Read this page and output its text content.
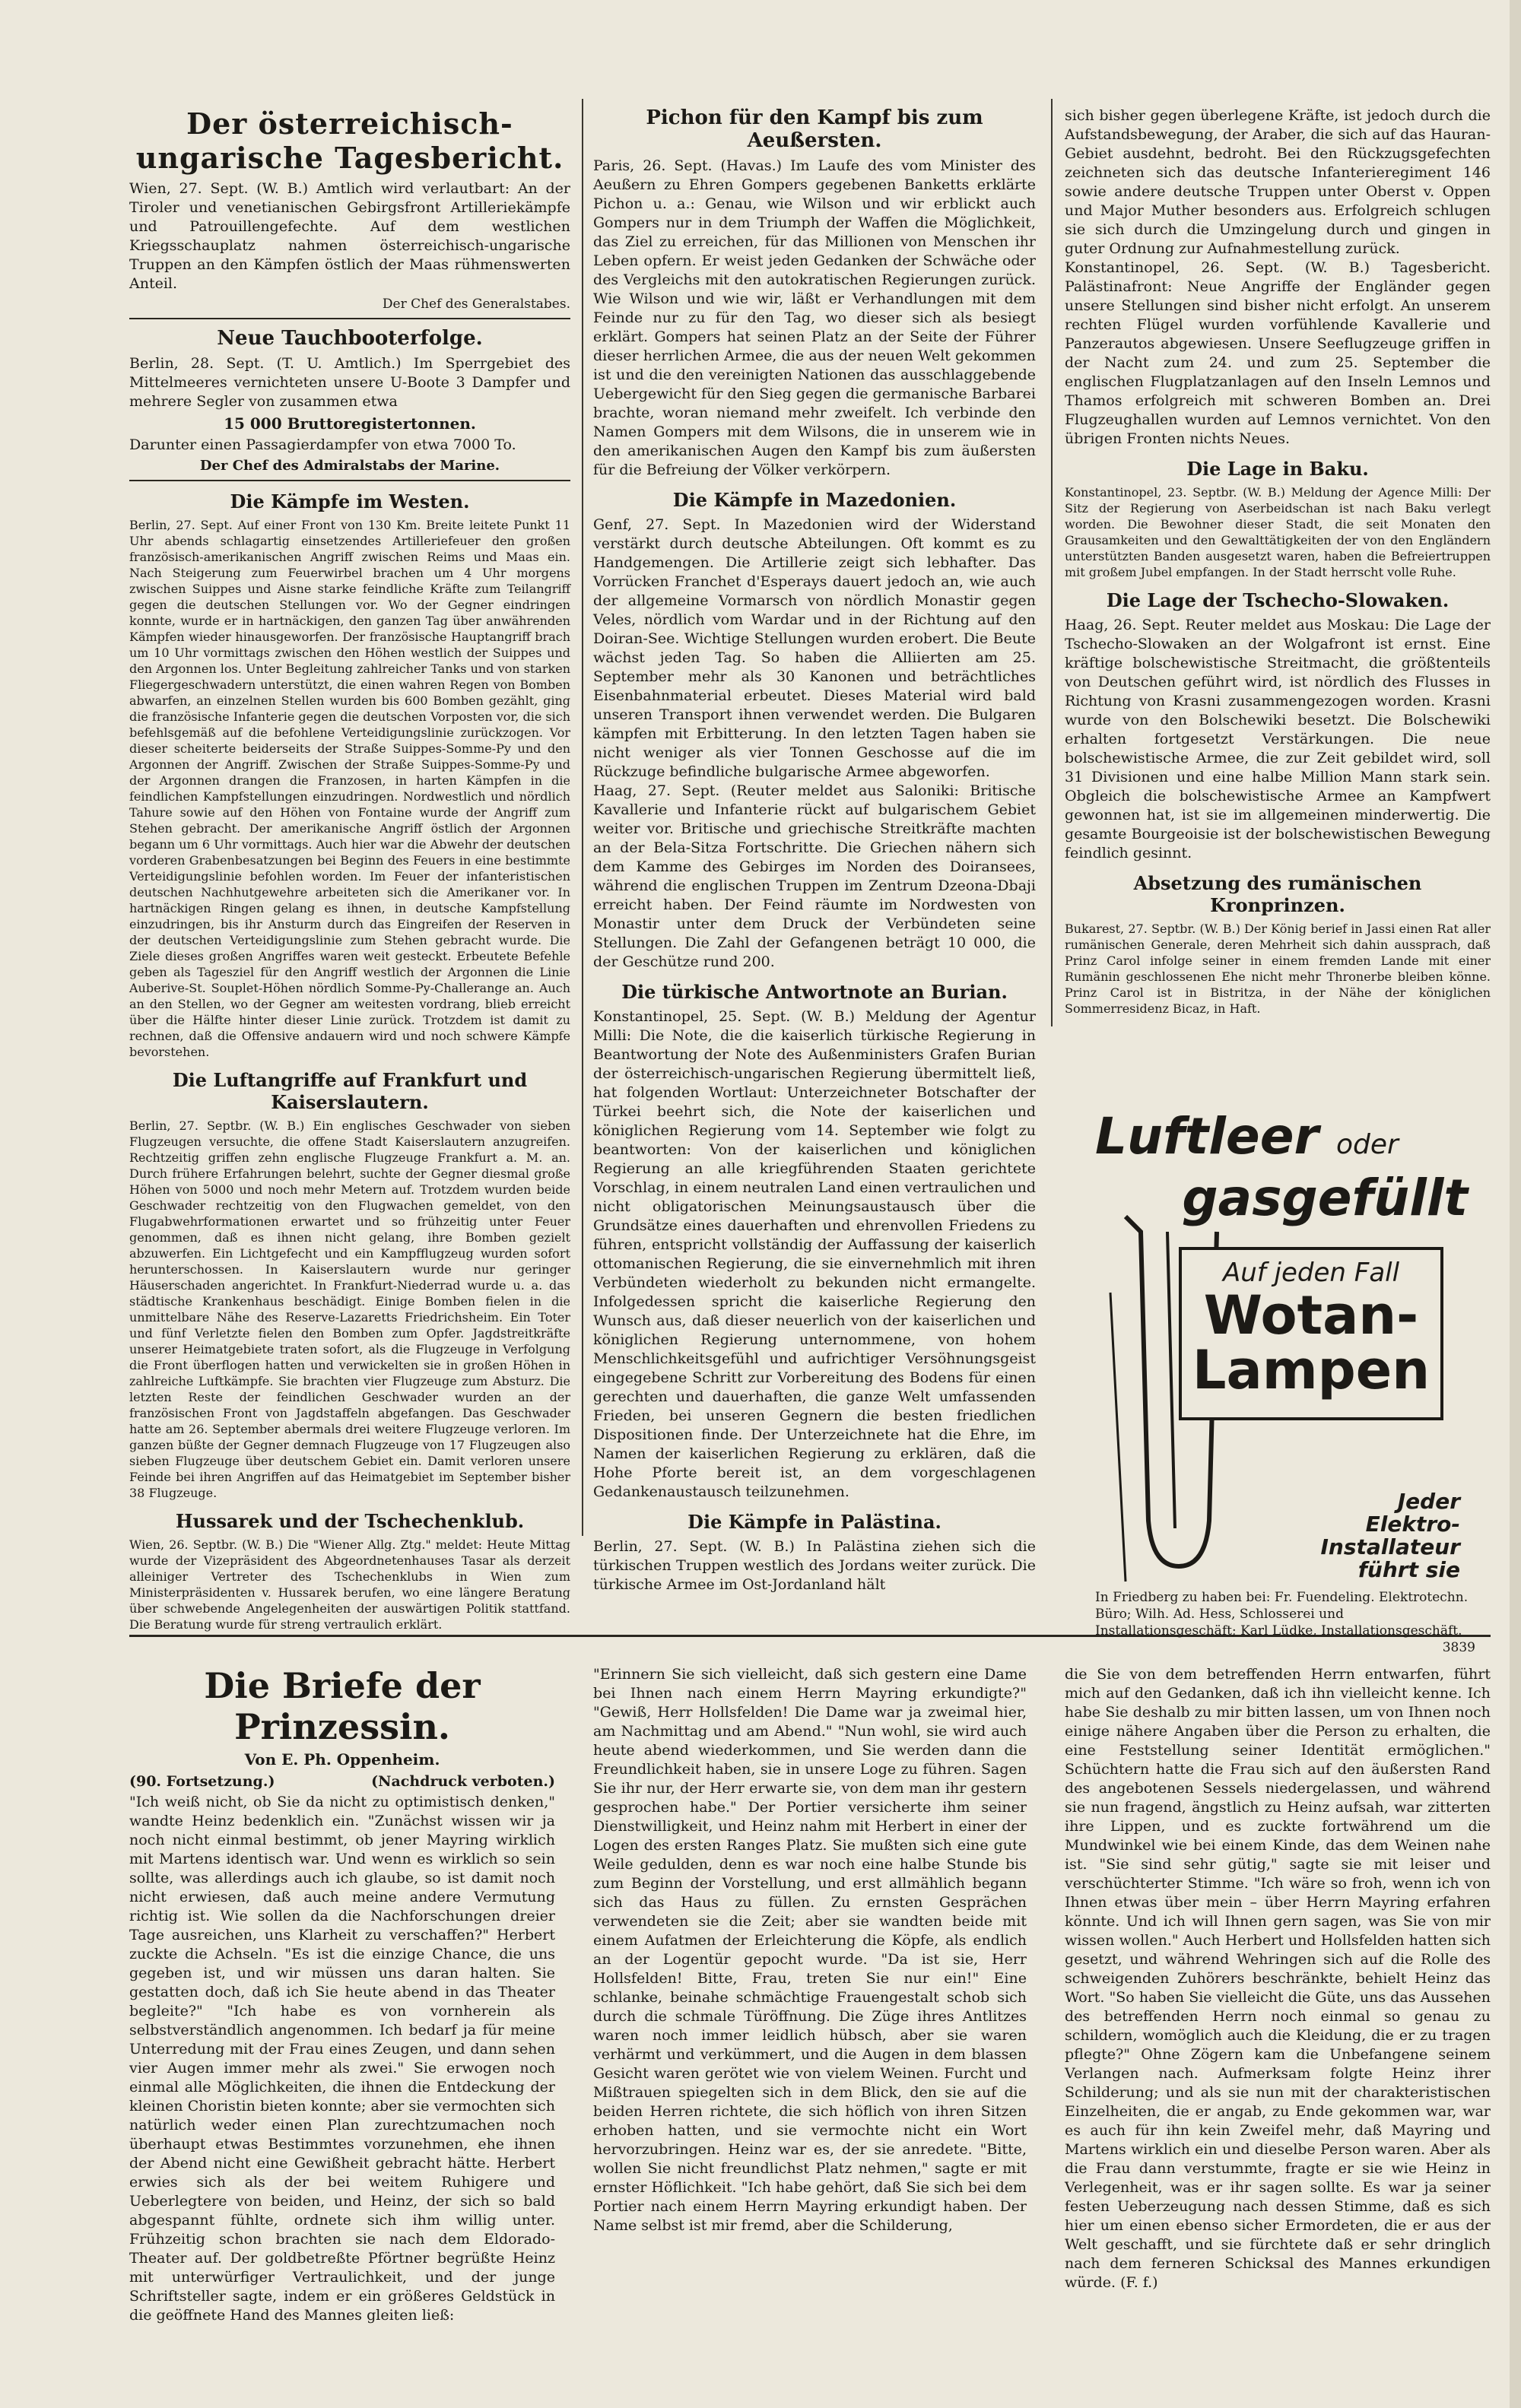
Der österreichisch-ungarische Tagesbericht.

Wien, 27. Sept. (W. B.) Amtlich wird verlautbart: An der Tiroler und venetianischen Gebirgsfront Artilleriekämpfe und Patrouillengefechte. Auf dem westlichen Kriegsschauplatz nahmen österreichisch-ungarische Truppen an den Kämpfen östlich der Maas rühmenswerten Anteil.

Der Chef des Generalstabes.
Neue Tauchbooterfolge.

Berlin, 28. Sept. (T. U. Amtlich.) Im Sperrgebiet des Mittelmeeres vernichteten unsere U-Boote 3 Dampfer und mehrere Segler von zusammen etwa

15 000 Bruttoregistertonnen.

Darunter einen Passagierdampfer von etwa 7000 To.

Der Chef des Admiralstabs der Marine.
Die Kämpfe im Westen.

Berlin, 27. Sept. Auf einer Front von 130 Km. Breite leitete Punkt 11 Uhr abends schlagartig einsetzendes Artilleriefeuer den großen französisch-amerikanischen Angriff zwischen Reims und Maas ein. Nach Steigerung zum Feuerwirbel brachen um 4 Uhr morgens zwischen Suippes und Aisne starke feindliche Kräfte zum Teilangriff gegen die deutschen Stellungen vor. Wo der Gegner eindringen konnte, wurde er in hartnäckigen, den ganzen Tag über anwährenden Kämpfen wieder hinausgeworfen. Der französische Hauptangriff brach um 10 Uhr vormittags zwischen den Höhen westlich der Suippes und den Argonnen los. Unter Begleitung zahlreicher Tanks und von starken Fliegergeschwadern unterstützt, die einen wahren Regen von Bomben abwarfen, an einzelnen Stellen wurden bis 600 Bomben gezählt, ging die französische Infanterie gegen die deutschen Vorposten vor, die sich befehlsgemäß auf die befohlene Verteidigungslinie zurückzogen. Vor dieser scheiterte beiderseits der Straße Suippes-Somme-Py und den Argonnen der Angriff. Zwischen der Straße Suippes-Somme-Py und der Argonnen drangen die Franzosen, in harten Kämpfen in die feindlichen Kampfstellungen einzudringen. Nordwestlich und nördlich Tahure sowie auf den Höhen von Fontaine wurde der Angriff zum Stehen gebracht. Der amerikanische Angriff östlich der Argonnen begann um 6 Uhr vormittags. Auch hier war die Abwehr der deutschen vorderen Grabenbesatzungen bei Beginn des Feuers in eine bestimmte Verteidigungslinie befohlen worden. Im Feuer der infanteristischen deutschen Nachhutgewehre arbeiteten sich die Amerikaner vor. In hartnäckigen Ringen gelang es ihnen, in deutsche Kampfstellung einzudringen, bis ihr Ansturm durch das Eingreifen der Reserven in der deutschen Verteidigungslinie zum Stehen gebracht wurde. Die Ziele dieses großen Angriffes waren weit gesteckt. Erbeutete Befehle geben als Tagesziel für den Angriff westlich der Argonnen die Linie Auberive-St. Souplet-Höhen nördlich Somme-Py-Challerange an. Auch an den Stellen, wo der Gegner am weitesten vordrang, blieb erreicht über die Hälfte hinter dieser Linie zurück. Trotzdem ist damit zu rechnen, daß die Offensive andauern wird und noch schwere Kämpfe bevorstehen.

Die Luftangriffe auf Frankfurt und Kaiserslautern.

Berlin, 27. Septbr. (W. B.) Ein englisches Geschwader von sieben Flugzeugen versuchte, die offene Stadt Kaiserslautern anzugreifen. Rechtzeitig griffen zehn englische Flugzeuge Frankfurt a. M. an. Durch frühere Erfahrungen belehrt, suchte der Gegner diesmal große Höhen von 5000 und noch mehr Metern auf. Trotzdem wurden beide Geschwader rechtzeitig von den Flugwachen gemeldet, von den Flugabwehrformationen erwartet und so frühzeitig unter Feuer genommen, daß es ihnen nicht gelang, ihre Bomben gezielt abzuwerfen. Ein Lichtgefecht und ein Kampfflugzeug wurden sofort herunterschossen. In Kaiserslautern wurde nur geringer Häuserschaden angerichtet. In Frankfurt-Niederrad wurde u. a. das städtische Krankenhaus beschädigt. Einige Bomben fielen in die unmittelbare Nähe des Reserve-Lazaretts Friedrichsheim. Ein Toter und fünf Verletzte fielen den Bomben zum Opfer. Jagdstreitkräfte unserer Heimatgebiete traten sofort, als die Flugzeuge in Verfolgung die Front überflogen hatten und verwickelten sie in großen Höhen in zahlreiche Luftkämpfe. Sie brachten vier Flugzeuge zum Absturz. Die letzten Reste der feindlichen Geschwader wurden an der französischen Front von Jagdstaffeln abgefangen. Das Geschwader hatte am 26. September abermals drei weitere Flugzeuge verloren. Im ganzen büßte der Gegner demnach Flugzeuge von 17 Flugzeugen also sieben Flugzeuge über deutschem Gebiet ein. Damit verloren unsere Feinde bei ihren Angriffen auf das Heimatgebiet im September bisher 38 Flugzeuge.

Hussarek und der Tschechenklub.

Wien, 26. Septbr. (W. B.) Die "Wiener Allg. Ztg." meldet: Heute Mittag wurde der Vizepräsident des Abgeordnetenhauses Tasar als derzeit alleiniger Vertreter des Tschechenklubs in Wien zum Ministerpräsidenten v. Hussarek berufen, wo eine längere Beratung über schwebende Angelegenheiten der auswärtigen Politik stattfand. Die Beratung wurde für streng vertraulich erklärt.

Pichon für den Kampf bis zum Aeußersten.

Paris, 26. Sept. (Havas.) Im Laufe des vom Minister des Aeußern zu Ehren Gompers gegebenen Banketts erklärte Pichon u. a.: Genau, wie Wilson und wir erblickt auch Gompers nur in dem Triumph der Waffen die Möglichkeit, das Ziel zu erreichen, für das Millionen von Menschen ihr Leben opfern. Er weist jeden Gedanken der Schwäche oder des Vergleichs mit den autokratischen Regierungen zurück. Wie Wilson und wie wir, läßt er Verhandlungen mit dem Feinde nur zu für den Tag, wo dieser sich als besiegt erklärt. Gompers hat seinen Platz an der Seite der Führer dieser herrlichen Armee, die aus der neuen Welt gekommen ist und die den vereinigten Nationen das ausschlaggebende Uebergewicht für den Sieg gegen die germanische Barbarei brachte, woran niemand mehr zweifelt. Ich verbinde den Namen Gompers mit dem Wilsons, die in unserem wie in den amerikanischen Augen den Kampf bis zum äußersten für die Befreiung der Völker verkörpern.

Die Kämpfe in Mazedonien.

Genf, 27. Sept. In Mazedonien wird der Widerstand verstärkt durch deutsche Abteilungen. Oft kommt es zu Handgemengen. Die Artillerie zeigt sich lebhafter. Das Vorrücken Franchet d'Esperays dauert jedoch an, wie auch der allgemeine Vormarsch von nördlich Monastir gegen Veles, nördlich vom Wardar und in der Richtung auf den Doiran-See. Wichtige Stellungen wurden erobert. Die Beute wächst jeden Tag. So haben die Alliierten am 25. September mehr als 30 Kanonen und beträchtliches Eisenbahnmaterial erbeutet. Dieses Material wird bald unseren Transport ihnen verwendet werden. Die Bulgaren kämpfen mit Erbitterung. In den letzten Tagen haben sie nicht weniger als vier Tonnen Geschosse auf die im Rückzuge befindliche bulgarische Armee abgeworfen.

Haag, 27. Sept. (Reuter meldet aus Saloniki: Britische Kavallerie und Infanterie rückt auf bulgarischem Gebiet weiter vor. Britische und griechische Streitkräfte machten an der Bela-Sitza Fortschritte. Die Griechen nähern sich dem Kamme des Gebirges im Norden des Doiransees, während die englischen Truppen im Zentrum Dzeona-Dbaji erreicht haben. Der Feind räumte im Nordwesten von Monastir unter dem Druck der Verbündeten seine Stellungen. Die Zahl der Gefangenen beträgt 10 000, die der Geschütze rund 200.

Die türkische Antwortnote an Burian.

Konstantinopel, 25. Sept. (W. B.) Meldung der Agentur Milli: Die Note, die die kaiserlich türkische Regierung in Beantwortung der Note des Außenministers Grafen Burian der österreichisch-ungarischen Regierung übermittelt ließ, hat folgenden Wortlaut: Unterzeichneter Botschafter der Türkei beehrt sich, die Note der kaiserlichen und königlichen Regierung vom 14. September wie folgt zu beantworten: Von der kaiserlichen und königlichen Regierung an alle kriegführenden Staaten gerichtete Vorschlag, in einem neutralen Land einen vertraulichen und nicht obligatorischen Meinungsaustausch über die Grundsätze eines dauerhaften und ehrenvollen Friedens zu führen, entspricht vollständig der Auffassung der kaiserlich ottomanischen Regierung, die sie einvernehmlich mit ihren Verbündeten wiederholt zu bekunden nicht ermangelte. Infolgedessen spricht die kaiserliche Regierung den Wunsch aus, daß dieser neuerlich von der kaiserlichen und königlichen Regierung unternommene, von hohem Menschlichkeitsgefühl und aufrichtiger Versöhnungsgeist eingegebene Schritt zur Vorbereitung des Bodens für einen gerechten und dauerhaften, die ganze Welt umfassenden Frieden, bei unseren Gegnern die besten friedlichen Dispositionen finde. Der Unterzeichnete hat die Ehre, im Namen der kaiserlichen Regierung zu erklären, daß die Hohe Pforte bereit ist, an dem vorgeschlagenen Gedankenaustausch teilzunehmen.

Die Kämpfe in Palästina.

Berlin, 27. Sept. (W. B.) In Palästina ziehen sich die türkischen Truppen westlich des Jordans weiter zurück. Die türkische Armee im Ost-Jordanland hält

sich bisher gegen überlegene Kräfte, ist jedoch durch die Aufstandsbewegung, der Araber, die sich auf das Hauran-Gebiet ausdehnt, bedroht. Bei den Rückzugsgefechten zeichneten sich das deutsche Infanterieregiment 146 sowie andere deutsche Truppen unter Oberst v. Oppen und Major Muther besonders aus. Erfolgreich schlugen sie sich durch die Umzingelung durch und gingen in guter Ordnung zur Aufnahmestellung zurück.

Konstantinopel, 26. Sept. (W. B.) Tagesbericht. Palästinafront: Neue Angriffe der Engländer gegen unsere Stellungen sind bisher nicht erfolgt. An unserem rechten Flügel wurden vorfühlende Kavallerie und Panzerautos abgewiesen. Unsere Seeflugzeuge griffen in der Nacht zum 24. und zum 25. September die englischen Flugplatzanlagen auf den Inseln Lemnos und Thamos erfolgreich mit schweren Bomben an. Drei Flugzeughallen wurden auf Lemnos vernichtet. Von den übrigen Fronten nichts Neues.

Die Lage in Baku.

Konstantinopel, 23. Septbr. (W. B.) Meldung der Agence Milli: Der Sitz der Regierung von Aserbeidschan ist nach Baku verlegt worden. Die Bewohner dieser Stadt, die seit Monaten den Grausamkeiten und den Gewalttätigkeiten der von den Engländern unterstützten Banden ausgesetzt waren, haben die Befreiertruppen mit großem Jubel empfangen. In der Stadt herrscht volle Ruhe.

Die Lage der Tschecho-Slowaken.

Haag, 26. Sept. Reuter meldet aus Moskau: Die Lage der Tschecho-Slowaken an der Wolgafront ist ernst. Eine kräftige bolschewistische Streitmacht, die größtenteils von Deutschen geführt wird, ist nördlich des Flusses in Richtung von Krasni zusammengezogen worden. Krasni wurde von den Bolschewiki besetzt. Die Bolschewiki erhalten fortgesetzt Verstärkungen. Die neue bolschewistische Armee, die zur Zeit gebildet wird, soll 31 Divisionen und eine halbe Million Mann stark sein. Obgleich die bolschewistische Armee an Kampfwert gewonnen hat, ist sie im allgemeinen minderwertig. Die gesamte Bourgeoisie ist der bolschewistischen Bewegung feindlich gesinnt.

Absetzung des rumänischen Kronprinzen.

Bukarest, 27. Septbr. (W. B.) Der König berief in Jassi einen Rat aller rumänischen Generale, deren Mehrheit sich dahin aussprach, daß Prinz Carol infolge seiner in einem fremden Lande mit einer Rumänin geschlossenen Ehe nicht mehr Thronerbe bleiben könne. Prinz Carol ist in Bistritza, in der Nähe der königlichen Sommerresidenz Bicaz, in Haft.

Luftleer oder
gasgefüllt
Auf jeden Fall
Wotan-
Lampen
Jeder
Elektro-Installateur
führt sie
In Friedberg zu haben bei: Fr. Fuendeling. Elektrotechn. Büro; Wilh. Ad. Hess, Schlosserei und Installationsgeschäft; Karl Lüdke, Installationsgeschäft.
3839
Die Briefe der Prinzessin.
Von E. Ph. Oppenheim.
(90. Fortsetzung.)	(Nachdruck verboten.)

"Ich weiß nicht, ob Sie da nicht zu optimistisch denken," wandte Heinz bedenklich ein. "Zunächst wissen wir ja noch nicht einmal bestimmt, ob jener Mayring wirklich mit Martens identisch war. Und wenn es wirklich so sein sollte, was allerdings auch ich glaube, so ist damit noch nicht erwiesen, daß auch meine andere Vermutung richtig ist. Wie sollen da die Nachforschungen dreier Tage ausreichen, uns Klarheit zu verschaffen?" Herbert zuckte die Achseln. "Es ist die einzige Chance, die uns gegeben ist, und wir müssen uns daran halten. Sie gestatten doch, daß ich Sie heute abend in das Theater begleite?" "Ich habe es von vornherein als selbstverständlich angenommen. Ich bedarf ja für meine Unterredung mit der Frau eines Zeugen, und dann sehen vier Augen immer mehr als zwei." Sie erwogen noch einmal alle Möglichkeiten, die ihnen die Entdeckung der kleinen Choristin bieten konnte; aber sie vermochten sich natürlich weder einen Plan zurechtzumachen noch überhaupt etwas Bestimmtes vorzunehmen, ehe ihnen der Abend nicht eine Gewißheit gebracht hätte. Herbert erwies sich als der bei weitem Ruhigere und Ueberlegtere von beiden, und Heinz, der sich so bald abgespannt fühlte, ordnete sich ihm willig unter. Frühzeitig schon brachten sie nach dem Eldorado-Theater auf. Der goldbetreßte Pförtner begrüßte Heinz mit unterwürfiger Vertraulichkeit, und der junge Schriftsteller sagte, indem er ein größeres Geldstück in die geöffnete Hand des Mannes gleiten ließ:

"Erinnern Sie sich vielleicht, daß sich gestern eine Dame bei Ihnen nach einem Herrn Mayring erkundigte?" "Gewiß, Herr Hollsfelden! Die Dame war ja zweimal hier, am Nachmittag und am Abend." "Nun wohl, sie wird auch heute abend wiederkommen, und Sie werden dann die Freundlichkeit haben, sie in unsere Loge zu führen. Sagen Sie ihr nur, der Herr erwarte sie, von dem man ihr gestern gesprochen habe." Der Portier versicherte ihm seiner Dienstwilligkeit, und Heinz nahm mit Herbert in einer der Logen des ersten Ranges Platz. Sie mußten sich eine gute Weile gedulden, denn es war noch eine halbe Stunde bis zum Beginn der Vorstellung, und erst allmählich begann sich das Haus zu füllen. Zu ernsten Gesprächen verwendeten sie die Zeit; aber sie wandten beide mit einem Aufatmen der Erleichterung die Köpfe, als endlich an der Logentür gepocht wurde. "Da ist sie, Herr Hollsfelden! Bitte, Frau, treten Sie nur ein!" Eine schlanke, beinahe schmächtige Frauengestalt schob sich durch die schmale Türöffnung. Die Züge ihres Antlitzes waren noch immer leidlich hübsch, aber sie waren verhärmt und verkümmert, und die Augen in dem blassen Gesicht waren gerötet wie von vielem Weinen. Furcht und Mißtrauen spiegelten sich in dem Blick, den sie auf die beiden Herren richtete, die sich höflich von ihren Sitzen erhoben hatten, und sie vermochte nicht ein Wort hervorzubringen. Heinz war es, der sie anredete. "Bitte, wollen Sie nicht freundlichst Platz nehmen," sagte er mit ernster Höflichkeit. "Ich habe gehört, daß Sie sich bei dem Portier nach einem Herrn Mayring erkundigt haben. Der Name selbst ist mir fremd, aber die Schilderung,

die Sie von dem betreffenden Herrn entwarfen, führt mich auf den Gedanken, daß ich ihn vielleicht kenne. Ich habe Sie deshalb zu mir bitten lassen, um von Ihnen noch einige nähere Angaben über die Person zu erhalten, die eine Feststellung seiner Identität ermöglichen." Schüchtern hatte die Frau sich auf den äußersten Rand des angebotenen Sessels niedergelassen, und während sie nun fragend, ängstlich zu Heinz aufsah, war zitterten ihre Lippen, und es zuckte fortwährend um die Mundwinkel wie bei einem Kinde, das dem Weinen nahe ist. "Sie sind sehr gütig," sagte sie mit leiser und verschüchterter Stimme. "Ich wäre so froh, wenn ich von Ihnen etwas über mein – über Herrn Mayring erfahren könnte. Und ich will Ihnen gern sagen, was Sie von mir wissen wollen." Auch Herbert und Hollsfelden hatten sich gesetzt, und während Wehringen sich auf die Rolle des schweigenden Zuhörers beschränkte, behielt Heinz das Wort. "So haben Sie vielleicht die Güte, uns das Aussehen des betreffenden Herrn noch einmal so genau zu schildern, womöglich auch die Kleidung, die er zu tragen pflegte?" Ohne Zögern kam die Unbefangene seinem Verlangen nach. Aufmerksam folgte Heinz ihrer Schilderung; und als sie nun mit der charakteristischen Einzelheiten, die er angab, zu Ende gekommen war, war es auch für ihn kein Zweifel mehr, daß Mayring und Martens wirklich ein und dieselbe Person waren. Aber als die Frau dann verstummte, fragte er sie wie Heinz in Verlegenheit, was er ihr sagen sollte. Es war ja seiner festen Ueberzeugung nach dessen Stimme, daß es sich hier um einen ebenso sicher Ermordeten, die er aus der Welt geschafft, und sie fürchtete daß er sehr dringlich nach dem ferneren Schicksal des Mannes erkundigen würde. (F. f.)
